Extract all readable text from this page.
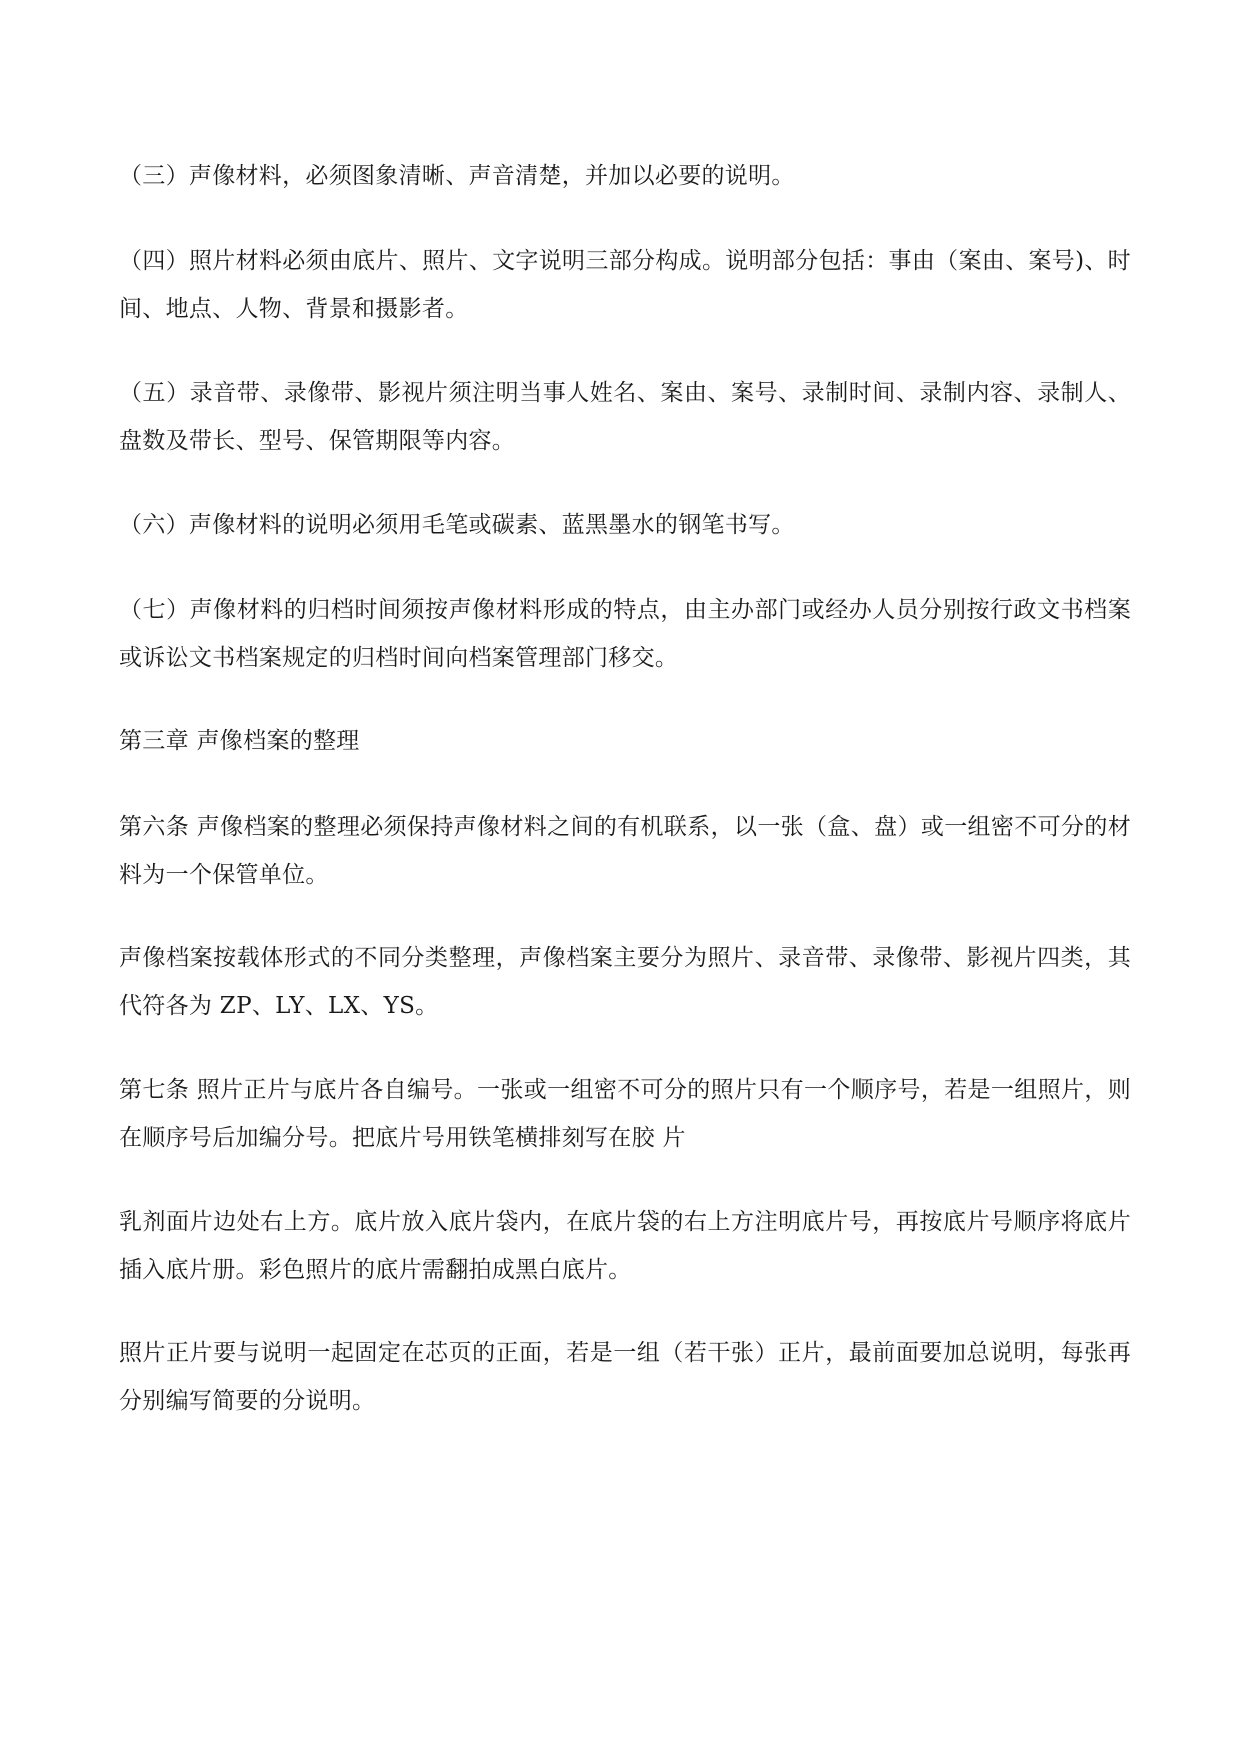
（三）声像材料，必须图象清晰、声音清楚，并加以必要的说明。

（四）照片材料必须由底片、照片、文字说明三部分构成。说明部分包括：事由（案由、案号)、时间、地点、人物、背景和摄影者。

（五）录音带、录像带、影视片须注明当事人姓名、案由、案号、录制时间、录制内容、录制人、盘数及带长、型号、保管期限等内容。

（六）声像材料的说明必须用毛笔或碳素、蓝黑墨水的钢笔书写。

（七）声像材料的归档时间须按声像材料形成的特点，由主办部门或经办人员分别按行政文书档案或诉讼文书档案规定的归档时间向档案管理部门移交。

第三章 声像档案的整理

第六条 声像档案的整理必须保持声像材料之间的有机联系，以一张（盒、盘）或一组密不可分的材料为一个保管单位。

声像档案按载体形式的不同分类整理，声像档案主要分为照片、录音带、录像带、影视片四类，其代符各为 ZP、LY、LX、YS。

第七条 照片正片与底片各自编号。一张或一组密不可分的照片只有一个顺序号，若是一组照片，则在顺序号后加编分号。把底片号用铁笔横排刻写在胶 片

乳剂面片边处右上方。底片放入底片袋内，在底片袋的右上方注明底片号，再按底片号顺序将底片插入底片册。彩色照片的底片需翻拍成黑白底片。

照片正片要与说明一起固定在芯页的正面，若是一组（若干张）正片，最前面要加总说明，每张再分别编写简要的分说明。
